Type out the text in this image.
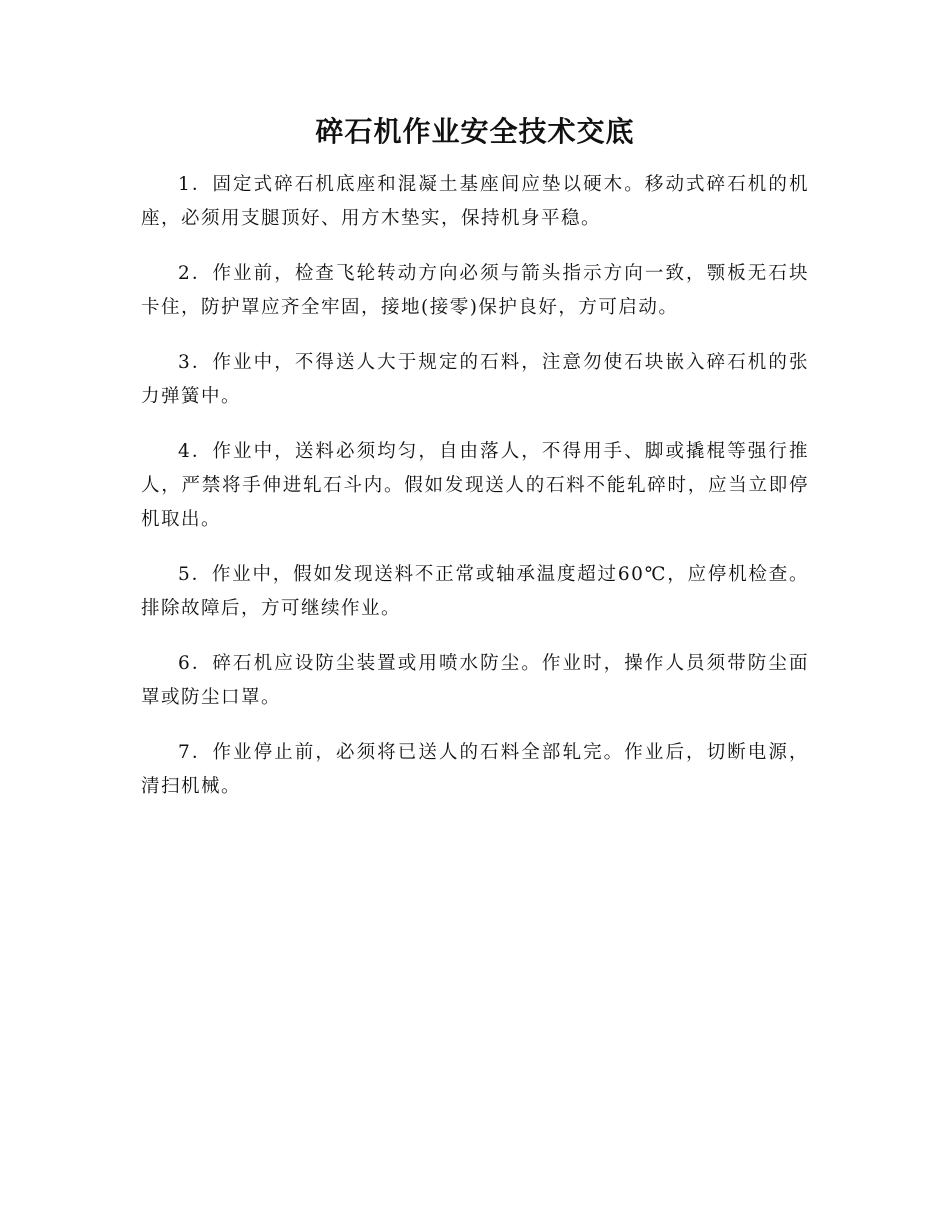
碎石机作业安全技术交底

1．固定式碎石机底座和混凝土基座间应垫以硬木。移动式碎石机的机座，必须用支腿顶好、用方木垫实，保持机身平稳。

2．作业前，检查飞轮转动方向必须与箭头指示方向一致，颚板无石块卡住，防护罩应齐全牢固，接地(接零)保护良好，方可启动。

3．作业中，不得送人大于规定的石料，注意勿使石块嵌入碎石机的张力弹簧中。

4．作业中，送料必须均匀，自由落人，不得用手、脚或撬棍等强行推人，严禁将手伸进轧石斗内。假如发现送人的石料不能轧碎时，应当立即停机取出。

5．作业中，假如发现送料不正常或轴承温度超过60℃，应停机检查。排除故障后，方可继续作业。

6．碎石机应设防尘装置或用喷水防尘。作业时，操作人员须带防尘面罩或防尘口罩。

7．作业停止前，必须将已送人的石料全部轧完。作业后，切断电源，清扫机械。
